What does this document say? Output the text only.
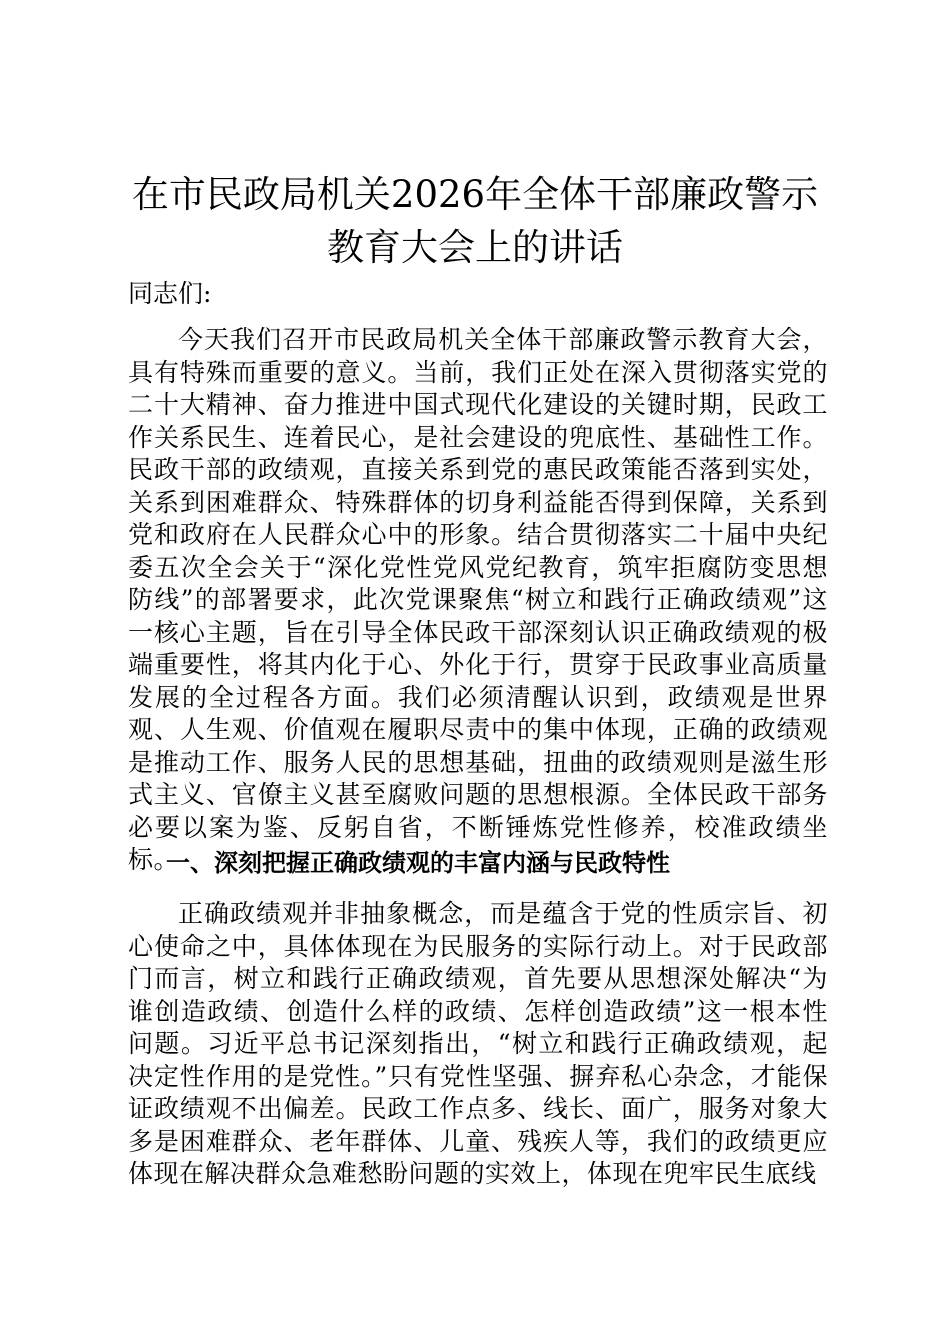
在市民政局机关2026年全体干部廉政警示教育大会上的讲话

同志们:

今天我们召开市民政局机关全体干部廉政警示教育大会，具有特殊而重要的意义。当前，我们正处在深入贯彻落实党的二十大精神、奋力推进中国式现代化建设的关键时期，民政工作关系民生、连着民心，是社会建设的兜底性、基础性工作。民政干部的政绩观，直接关系到党的惠民政策能否落到实处，关系到困难群众、特殊群体的切身利益能否得到保障，关系到党和政府在人民群众心中的形象。结合贯彻落实二十届中央纪委五次全会关于“深化党性党风党纪教育，筑牢拒腐防变思想防线”的部署要求，此次党课聚焦“树立和践行正确政绩观”这一核心主题，旨在引导全体民政干部深刻认识正确政绩观的极端重要性，将其内化于心、外化于行，贯穿于民政事业高质量发展的全过程各方面。我们必须清醒认识到，政绩观是世界观、人生观、价值观在履职尽责中的集中体现，正确的政绩观是推动工作、服务人民的思想基础，扭曲的政绩观则是滋生形式主义、官僚主义甚至腐败问题的思想根源。全体民政干部务必要以案为鉴、反躬自省，不断锤炼党性修养，校准政绩坐标。

一、深刻把握正确政绩观的丰富内涵与民政特性

正确政绩观并非抽象概念，而是蕴含于党的性质宗旨、初心使命之中，具体体现在为民服务的实际行动上。对于民政部门而言，树立和践行正确政绩观，首先要从思想深处解决“为谁创造政绩、创造什么样的政绩、怎样创造政绩”这一根本性问题。习近平总书记深刻指出，“树立和践行正确政绩观，起决定性作用的是党性。”只有党性坚强、摒弃私心杂念，才能保证政绩观不出偏差。民政工作点多、线长、面广，服务对象大多是困难群众、老年群体、儿童、残疾人等，我们的政绩更应体现在解决群众急难愁盼问题的实效上，体现在兜牢民生底线
